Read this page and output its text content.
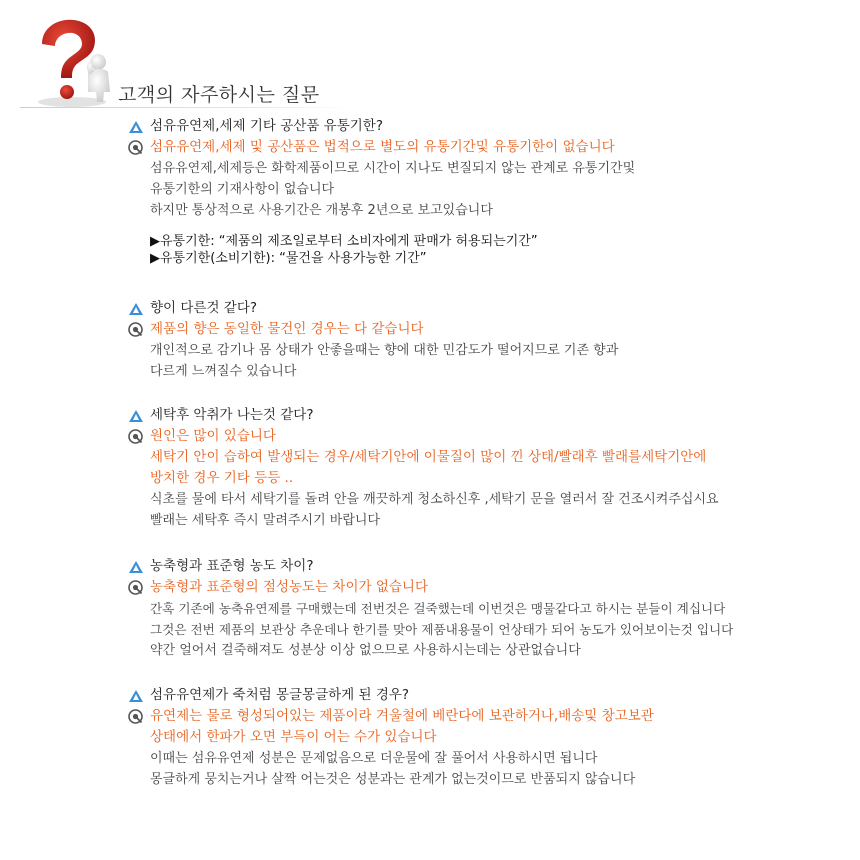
고객의 자주하시는 질문
섬유유연제,세제 기타 공산품 유통기한?
섬유유연제,세제 및 공산품은 법적으로 별도의 유통기간및 유통기한이 없습니다
섬유유연제,세제등은 화학제품이므로 시간이 지나도 변질되지 않는 관계로 유통기간및
유통기한의 기재사항이 없습니다
하지만 통상적으로 사용기간은 개봉후 2년으로 보고있습니다
▶유통기한: “제품의 제조일로부터 소비자에게 판매가 허용되는기간”
▶유통기한(소비기한): “물건을 사용가능한 기간”
향이 다른것 같다?
제품의 향은 동일한 물건인 경우는 다 같습니다
개인적으로 감기나 몸 상태가 안좋을때는 향에 대한 민감도가 떨어지므로 기존 향과
다르게 느껴질수 있습니다
세탁후 악취가 나는것 같다?
원인은 많이 있습니다
세탁기 안이 습하여 발생되는 경우/세탁기안에 이물질이 많이 낀 상태/빨래후 빨래를세탁기안에
방치한 경우 기타 등등 ..
식초를 물에 타서 세탁기를 돌려 안을 깨끗하게 청소하신후 ,세탁기 문을 열러서 잘 건조시켜주십시요
빨래는 세탁후 즉시 말려주시기 바랍니다
농축형과 표준형 농도 차이?
농축형과 표준형의 점성농도는 차이가 없습니다
간혹 기존에 농축유연제를 구매했는데 전번것은 걸죽했는데 이번것은 맹물같다고 하시는 분들이 계십니다
그것은 전번 제품의 보관상 추운데나 한기를 맞아 제품내용물이 언상태가 되어 농도가 있어보이는것 입니다
약간 얼어서 걸죽해져도 성분상 이상 없으므로 사용하시는데는 상관없습니다
섬유유연제가 죽처럼 몽글몽글하게 된 경우?
유연제는 물로 형성되어있는 제품이라 겨울철에 베란다에 보관하거나,배송및 창고보관
상태에서 한파가 오면 부득이 어는 수가 있습니다
이때는 섬유유연제 성분은 문제없음으로 더운물에 잘 풀어서 사용하시면 됩니다
몽글하게 뭉치는거나 살짝 어는것은 성분과는 관계가 없는것이므로 반품되지 않습니다
